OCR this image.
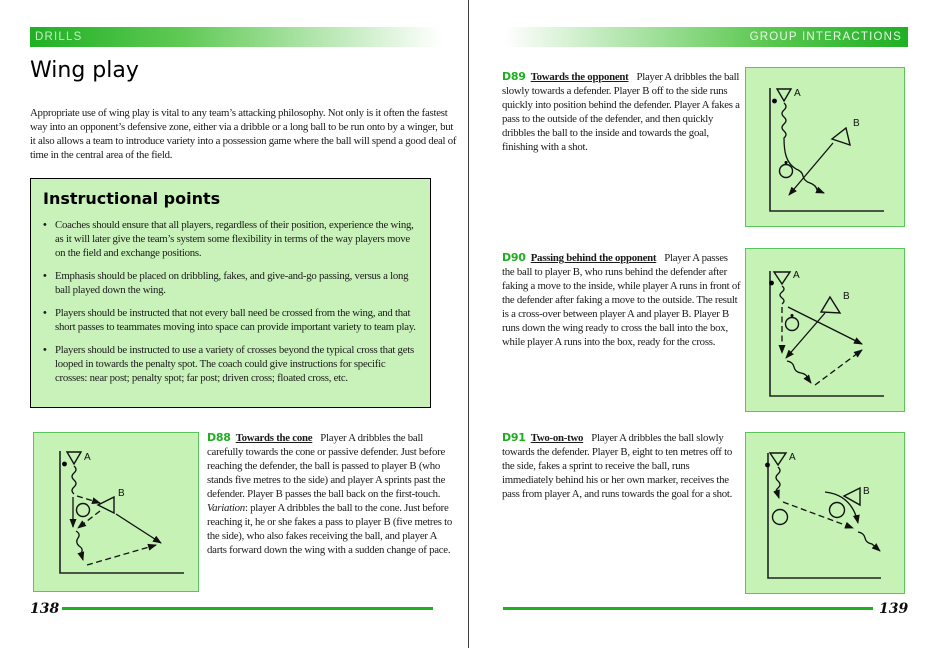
DRILLS
Wing play

Appropriate use of wing play is vital to any team’s attacking philosophy. Not only is it often the fastest way into an opponent’s defensive zone, either via a dribble or a long ball to be run onto by a winger, but it also allows a team to introduce variety into a possession game where the ball will spend a good deal of time in the central area of the field.

Instructional points
•
Coaches should ensure that all players, regardless of their position, experience the wing, as it will later give the team’s system some flexibility in terms of the way players move on the field and exchange positions.
•
Emphasis should be placed on dribbling, fakes, and give-and-go passing, versus a long ball played down the wing.
•
Players should be instructed that not every ball need be crossed from the wing, and that short passes to teammates moving into space can provide important variety to team play.
•
Players should be instructed to use a variety of crosses beyond the typical cross that gets looped in towards the penalty spot. The coach could give instructions for specific crosses: near post; penalty spot; far post; driven cross; floated cross, etc.
A
B

D88 Towards the cone Player A dribbles the ball carefully towards the cone or passive defender. Just before reaching the defender, the ball is passed to player B (who stands five metres to the side) and player A sprints past the defender. Player B passes the ball back on the first-touch. Variation: player A dribbles the ball to the cone. Just before reaching it, he or she fakes a pass to player B (five metres to the side), who also fakes receiving the ball, and player A darts forward down the wing with a sudden change of pace.

138
GROUP INTERACTIONS

D89 Towards the opponent Player A dribbles the ball slowly towards a defender. Player B off to the side runs quickly into position behind the defender. Player A fakes a pass to the outside of the defender, and then quickly dribbles the ball to the inside and towards the goal, finishing with a shot.

A
B

D90 Passing behind the opponent Player A passes the ball to player B, who runs behind the defender after faking a move to the inside, while player A runs in front of the defender after faking a move to the outside. The result is a cross-over between player A and player B. Player B runs down the wing ready to cross the ball into the box, while player A runs into the box, ready for the cross.

A
B

D91 Two-on-two Player A dribbles the ball slowly towards the defender. Player B, eight to ten metres off to the side, fakes a sprint to receive the ball, runs immediately behind his or her own marker, receives the pass from player A, and runs towards the goal for a shot.

A
B
139
